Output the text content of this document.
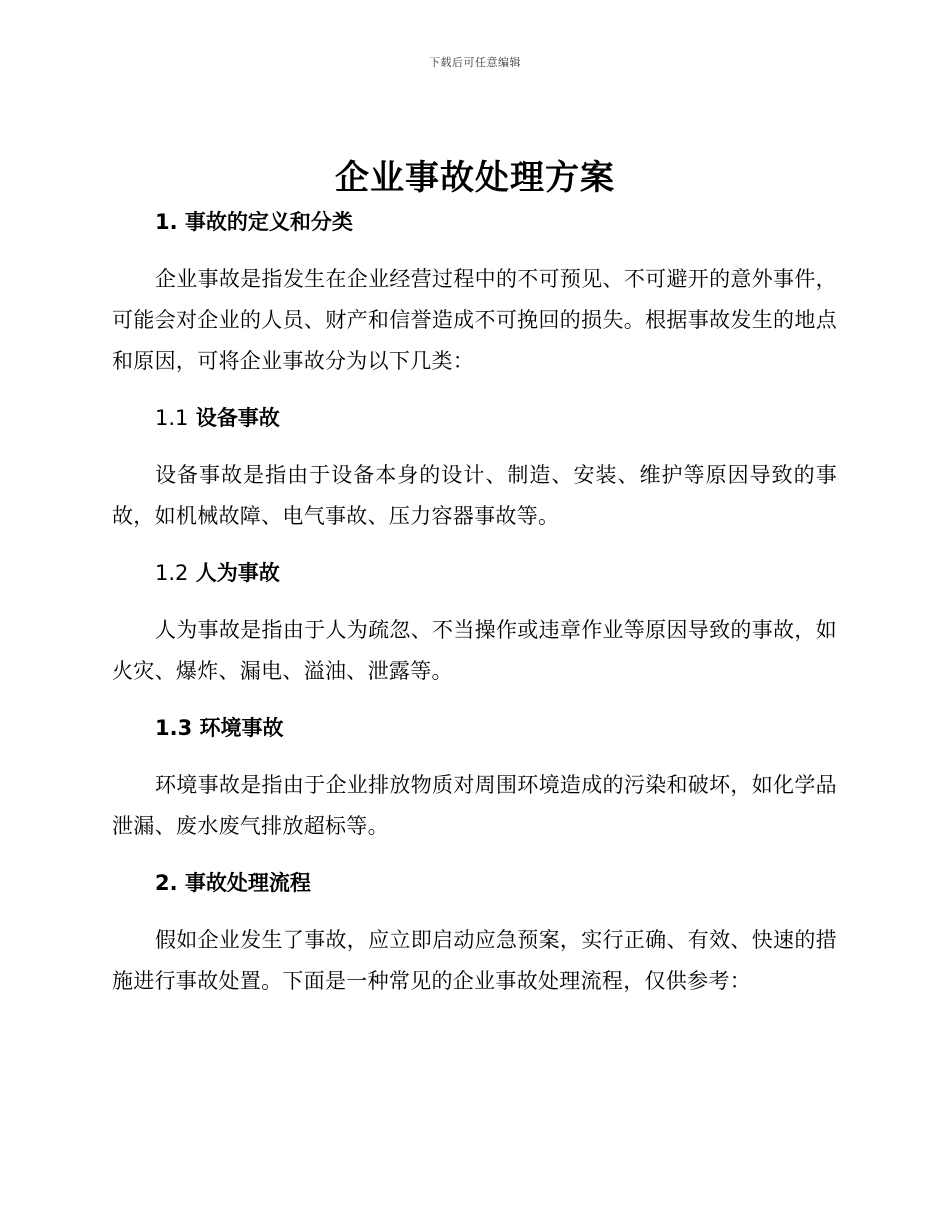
下载后可任意编辑
企业事故处理方案
1. 事故的定义和分类
企业事故是指发生在企业经营过程中的不可预见、不可避开的意外事件，可能会对企业的人员、财产和信誉造成不可挽回的损失。根据事故发生的地点和原因，可将企业事故分为以下几类：
1.1 设备事故
设备事故是指由于设备本身的设计、制造、安装、维护等原因导致的事故，如机械故障、电气事故、压力容器事故等。
1.2 人为事故
人为事故是指由于人为疏忽、不当操作或违章作业等原因导致的事故，如火灾、爆炸、漏电、溢油、泄露等。
1.3 环境事故
环境事故是指由于企业排放物质对周围环境造成的污染和破坏，如化学品泄漏、废水废气排放超标等。
2. 事故处理流程
假如企业发生了事故，应立即启动应急预案，实行正确、有效、快速的措施进行事故处置。下面是一种常见的企业事故处理流程，仅供参考：
